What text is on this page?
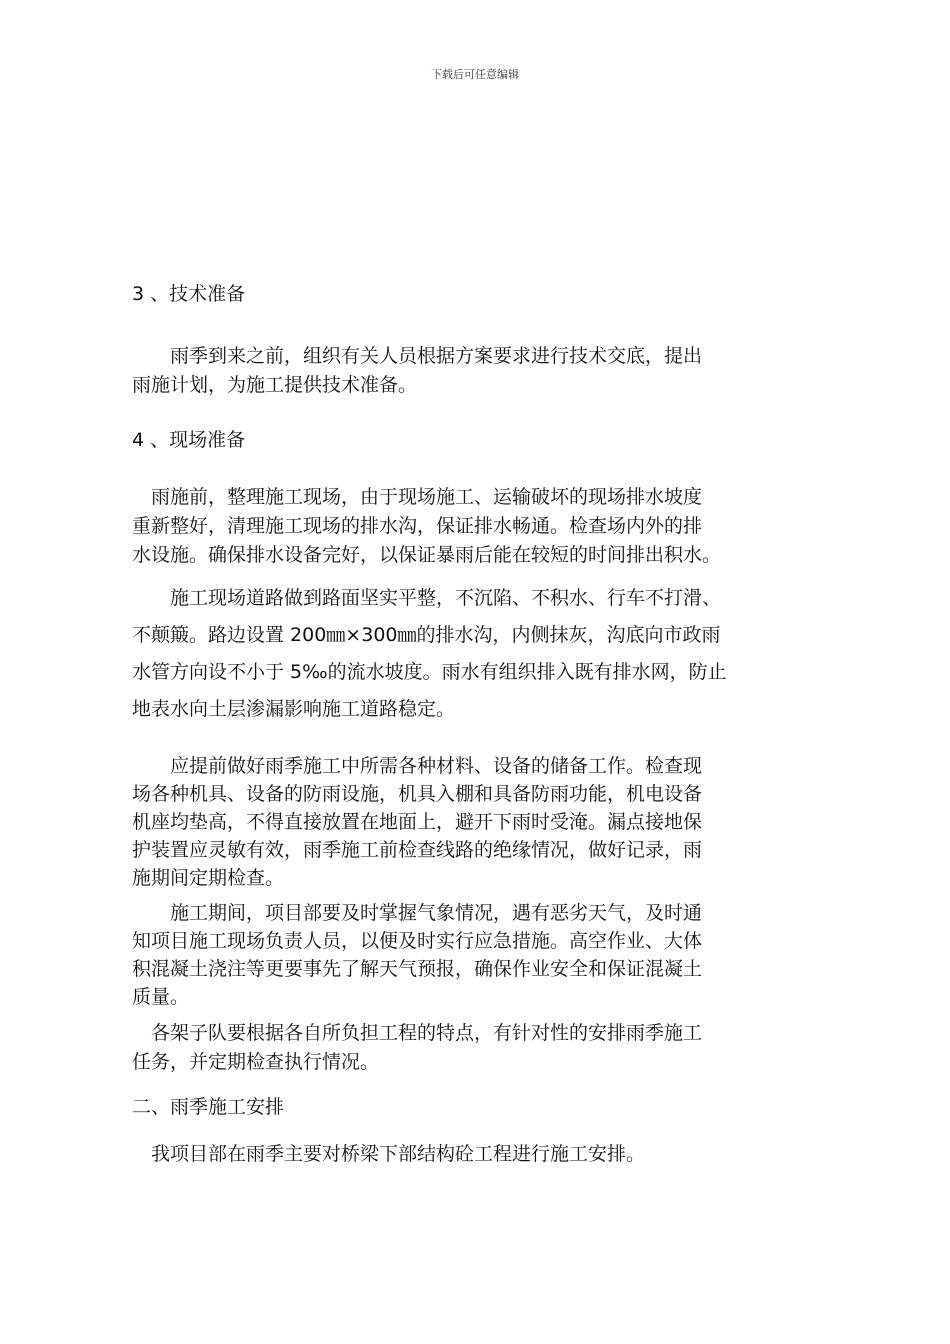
下载后可任意编辑
3 、技术准备
　　雨季到来之前，组织有关人员根据方案要求进行技术交底，提出
雨施计划，为施工提供技术准备。
4 、现场准备
　雨施前，整理施工现场，由于现场施工、运输破坏的现场排水坡度
重新整好，清理施工现场的排水沟，保证排水畅通。检查场内外的排
水设施。确保排水设备完好，以保证暴雨后能在较短的时间排出积水。
　　施工现场道路做到路面坚实平整，不沉陷、不积水、行车不打滑、
不颠簸。路边设置 200㎜×300㎜的排水沟，内侧抹灰，沟底向市政雨
水管方向设不小于 5‰的流水坡度。雨水有组织排入既有排水网，防止
地表水向土层渗漏影响施工道路稳定。
　　应提前做好雨季施工中所需各种材料、设备的储备工作。检查现
场各种机具、设备的防雨设施，机具入棚和具备防雨功能，机电设备
机座均垫高，不得直接放置在地面上，避开下雨时受淹。漏点接地保
护装置应灵敏有效，雨季施工前检查线路的绝缘情况，做好记录，雨
施期间定期检查。
　　施工期间，项目部要及时掌握气象情况，遇有恶劣天气，及时通
知项目施工现场负责人员，以便及时实行应急措施。高空作业、大体
积混凝土浇注等更要事先了解天气预报，确保作业安全和保证混凝土
质量。
　各架子队要根据各自所负担工程的特点，有针对性的安排雨季施工
任务，并定期检查执行情况。
二、雨季施工安排
　我项目部在雨季主要对桥梁下部结构砼工程进行施工安排。
